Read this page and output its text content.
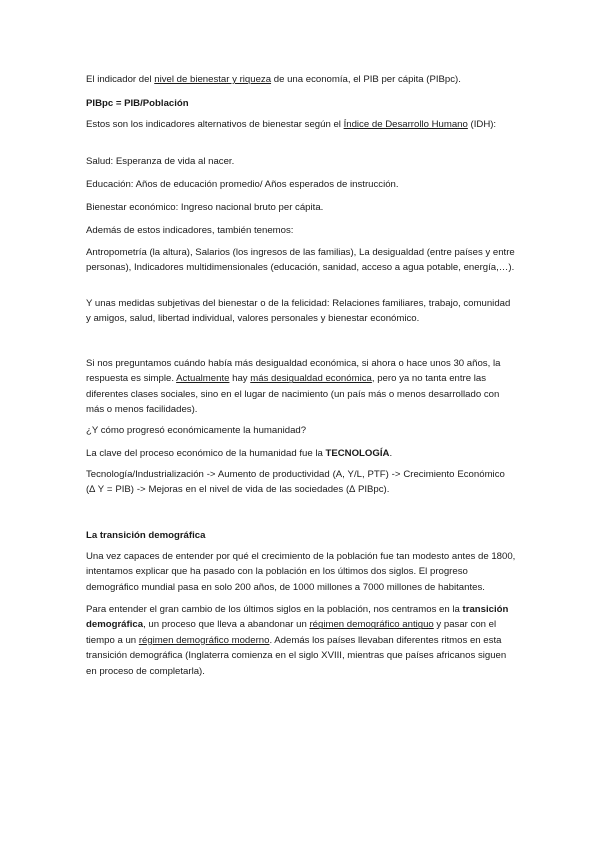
El indicador del nivel de bienestar y riqueza de una economía, el PIB per cápita (PIBpc).

PIBpc = PIB/Población

Estos son los indicadores alternativos de bienestar según el Índice de Desarrollo Humano (IDH):

Salud: Esperanza de vida al nacer.

Educación: Años de educación promedio/ Años esperados de instrucción.

Bienestar económico: Ingreso nacional bruto per cápita.

Además de estos indicadores, también tenemos:

Antropometría (la altura), Salarios (los ingresos de las familias), La desigualdad (entre países y entre personas), Indicadores multidimensionales (educación, sanidad, acceso a agua potable, energía,…).

Y unas medidas subjetivas del bienestar o de la felicidad: Relaciones familiares, trabajo, comunidad y amigos, salud, libertad individual, valores personales y bienestar económico.

Si nos preguntamos cuándo había más desigualdad económica, si ahora o hace unos 30 años, la respuesta es simple. Actualmente hay más desigualdad económica, pero ya no tanta entre las diferentes clases sociales, sino en el lugar de nacimiento (un país más o menos desarrollado con más o menos facilidades).

¿Y cómo progresó económicamente la humanidad?

La clave del proceso económico de la humanidad fue la TECNOLOGÍA.

Tecnología/Industrialización -> Aumento de productividad (A, Y/L, PTF) -> Crecimiento Económico (∆ Y = PIB) -> Mejoras en el nivel de vida de las sociedades (∆ PIBpc).

La transición demográfica

Una vez capaces de entender por qué el crecimiento de la población fue tan modesto antes de 1800, intentamos explicar que ha pasado con la población en los últimos dos siglos. El progreso demográfico mundial pasa en solo 200 años, de 1000 millones a 7000 millones de habitantes.

Para entender el gran cambio de los últimos siglos en la población, nos centramos en la transición demográfica, un proceso que lleva a abandonar un régimen demográfico antiguo y pasar con el tiempo a un régimen demográfico moderno. Además los países llevaban diferentes ritmos en esta transición demográfica (Inglaterra comienza en el siglo XVIII, mientras que países africanos siguen en proceso de completarla).
